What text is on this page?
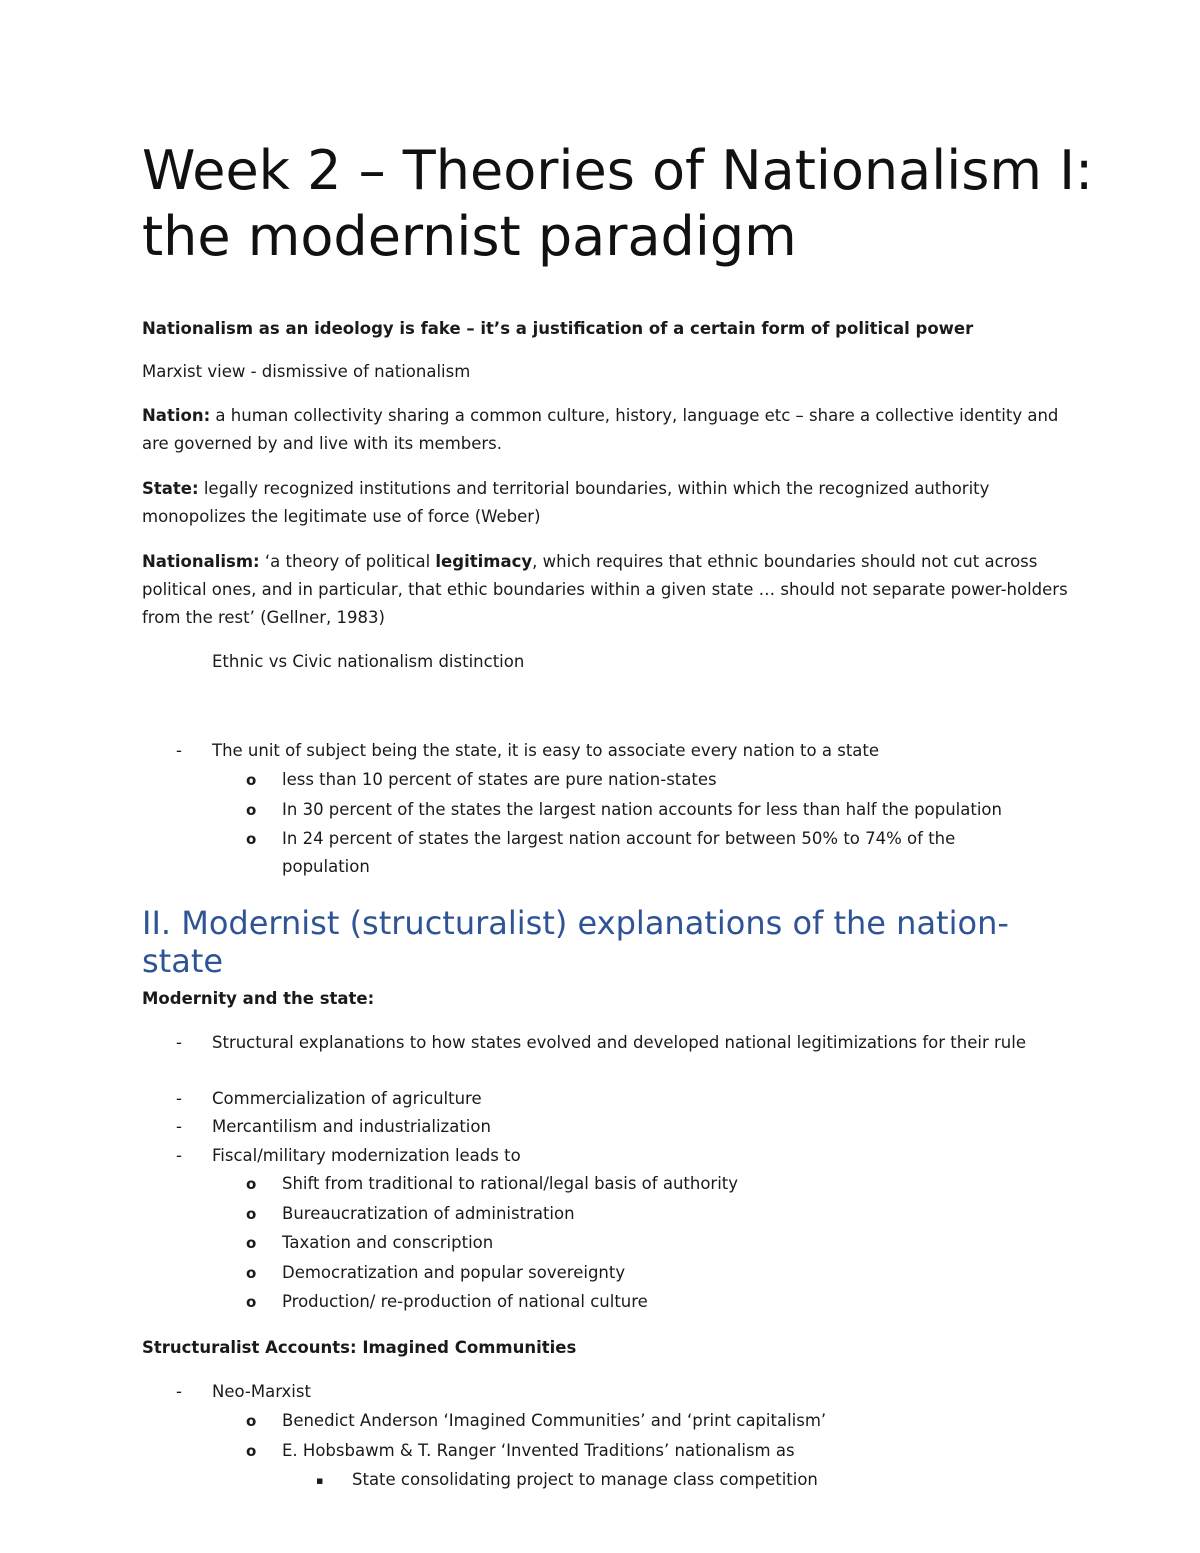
Week 2 – Theories of Nationalism I: the modernist paradigm

Nationalism as an ideology is fake – it’s a justification of a certain form of political power

Marxist view - dismissive of nationalism

Nation: a human collectivity sharing a common culture, history, language etc – share a collective identity and are governed by and live with its members.

State: legally recognized institutions and territorial boundaries, within which the recognized authority monopolizes the legitimate use of force (Weber)

Nationalism: ‘a theory of political legitimacy, which requires that ethnic boundaries should not cut across political ones, and in particular, that ethic boundaries within a given state … should not separate power-holders from the rest’ (Gellner, 1983)

Ethnic vs Civic nationalism distinction

- The unit of subject being the state, it is easy to associate every nation to a state

o less than 10 percent of states are pure nation-states

o In 30 percent of the states the largest nation accounts for less than half the population

o In 24 percent of states the largest nation account for between 50% to 74% of the population

II. Modernist (structuralist) explanations of the nation-state

Modernity and the state:

- Structural explanations to how states evolved and developed national legitimizations for their rule

- Commercialization of agriculture

- Mercantilism and industrialization

- Fiscal/military modernization leads to

o Shift from traditional to rational/legal basis of authority

o Bureaucratization of administration

o Taxation and conscription

o Democratization and popular sovereignty

o Production/ re-production of national culture

Structuralist Accounts: Imagined Communities

- Neo-Marxist

o Benedict Anderson ‘Imagined Communities’ and ‘print capitalism’

o E. Hobsbawm & T. Ranger ‘Invented Traditions’ nationalism as

▪ State consolidating project to manage class competition
